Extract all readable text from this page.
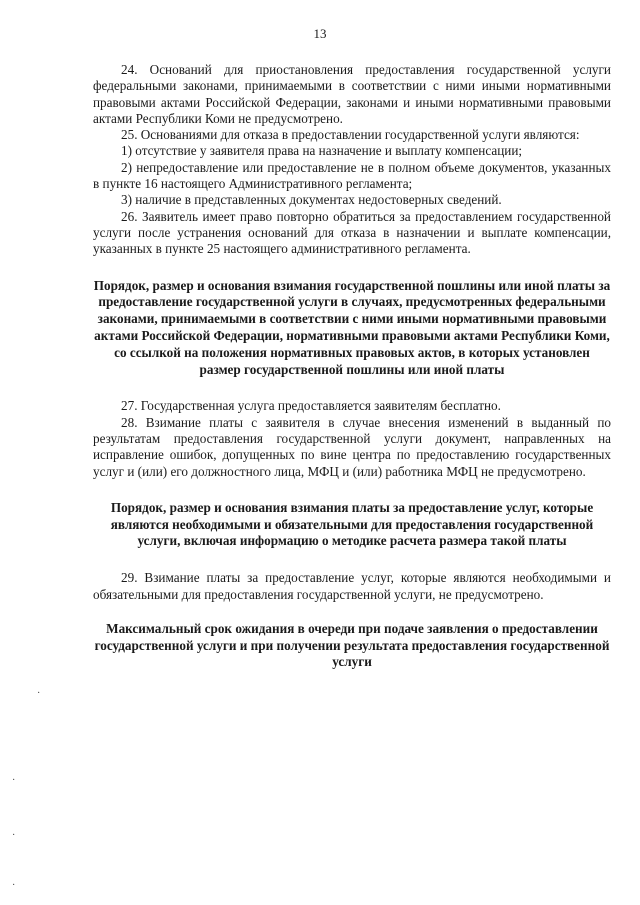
13

24. Оснований для приостановления предоставления государственной услуги федеральными законами, принимаемыми в соответствии с ними иными нормативными правовыми актами Российской Федерации, законами и иными нормативными правовыми актами Республики Коми не предусмотрено.

25. Основаниями для отказа в предоставлении государственной услуги являются:

1) отсутствие у заявителя права на назначение и выплату компенсации;

2) непредоставление или предоставление не в полном объеме документов, указанных в пункте 16 настоящего Административного регламента;

3) наличие в представленных документах недостоверных сведений.

26. Заявитель имеет право повторно обратиться за предоставлением государственной услуги после устранения оснований для отказа в назначении и выплате компенсации, указанных в пункте 25 настоящего административного регламента.

Порядок, размер и основания взимания государственной пошлины или иной платы за предоставление государственной услуги в случаях, предусмотренных федеральными законами, принимаемыми в соответствии с ними иными нормативными правовыми актами Российской Федерации, нормативными правовыми актами Республики Коми, со ссылкой на положения нормативных правовых актов, в которых установлен размер государственной пошлины или иной платы

27. Государственная услуга предоставляется заявителям бесплатно.

28. Взимание платы с заявителя в случае внесения изменений в выданный по результатам предоставления государственной услуги документ, направленных на исправление ошибок, допущенных по вине центра по предоставлению государственных услуг и (или) его должностного лица, МФЦ и (или) работника МФЦ не предусмотрено.

Порядок, размер и основания взимания платы за предоставление услуг, которые являются необходимыми и обязательными для предоставления государственной услуги, включая информацию о методике расчета размера такой платы

29. Взимание платы за предоставление услуг, которые являются необходимыми и обязательными для предоставления государственной услуги, не предусмотрено.

Максимальный срок ожидания в очереди при подаче заявления о предоставлении государственной услуги и при получении результата предоставления государственной услуги

·
·
·
·
